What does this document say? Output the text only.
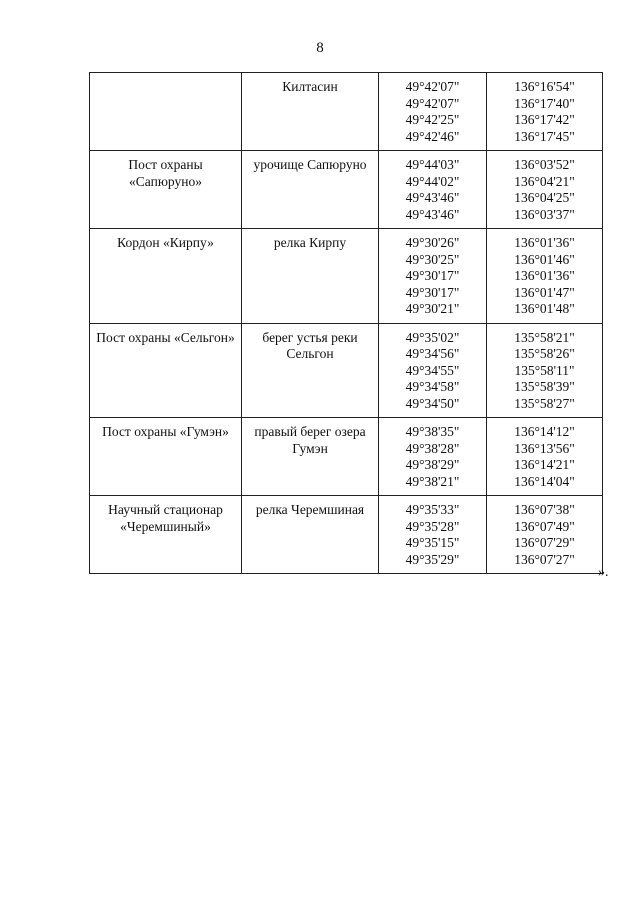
8
	Килтасин	49°42'07"
49°42'07"
49°42'25"
49°42'46"	136°16'54"
136°17'40"
136°17'42"
136°17'45"

Пост охраны «Сапюруно»	урочище Сапюруно	49°44'03"
49°44'02"
49°43'46"
49°43'46"	136°03'52"
136°04'21"
136°04'25"
136°03'37"

Кордон «Кирпу»	релка Кирпу	49°30'26"
49°30'25"
49°30'17"
49°30'17"
49°30'21"	136°01'36"
136°01'46"
136°01'36"
136°01'47"
136°01'48"

Пост охраны «Сельгон»	берег устья реки Сельгон	49°35'02"
49°34'56"
49°34'55"
49°34'58"
49°34'50"	135°58'21"
135°58'26"
135°58'11"
135°58'39"
135°58'27"

Пост охраны «Гумэн»	правый берег озера Гумэн	49°38'35"
49°38'28"
49°38'29"
49°38'21"	136°14'12"
136°13'56"
136°14'21"
136°14'04"

Научный стационар «Черемшиный»	релка Черемшиная	49°35'33"
49°35'28"
49°35'15"
49°35'29"	136°07'38"
136°07'49"
136°07'29"
136°07'27"
».
